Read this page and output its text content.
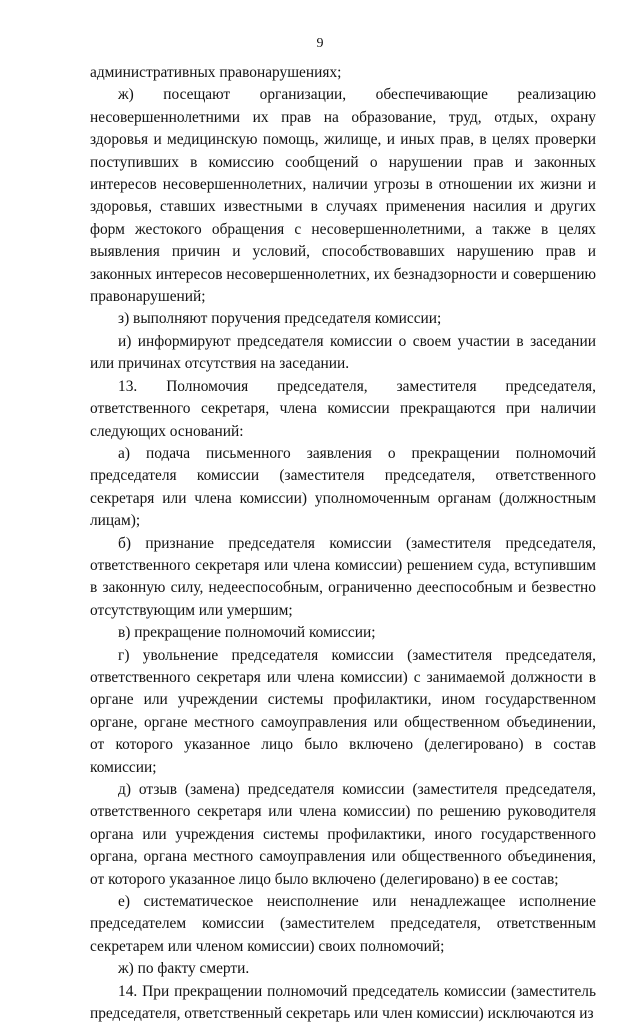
9

административных правонарушениях;

ж) посещают организации, обеспечивающие реализацию несовершеннолетними их прав на образование, труд, отдых, охрану здоровья и медицинскую помощь, жилище, и иных прав, в целях проверки поступивших в комиссию сообщений о нарушении прав и законных интересов несовершеннолетних, наличии угрозы в отношении их жизни и здоровья, ставших известными в случаях применения насилия и других форм жестокого обращения с несовершеннолетними, а также в целях выявления причин и условий, способствовавших нарушению прав и законных интересов несовершеннолетних, их безнадзорности и совершению правонарушений;

з) выполняют поручения председателя комиссии;

и) информируют председателя комиссии о своем участии в заседании или причинах отсутствия на заседании.

13. Полномочия председателя, заместителя председателя, ответственного секретаря, члена комиссии прекращаются при наличии следующих оснований:

а) подача письменного заявления о прекращении полномочий председателя комиссии (заместителя председателя, ответственного секретаря или члена комиссии) уполномоченным органам (должностным лицам);

б) признание председателя комиссии (заместителя председателя, ответственного секретаря или члена комиссии) решением суда, вступившим в законную силу, недееспособным, ограниченно дееспособным и безвестно отсутствующим или умершим;

в) прекращение полномочий комиссии;

г) увольнение председателя комиссии (заместителя председателя, ответственного секретаря или члена комиссии) с занимаемой должности в органе или учреждении системы профилактики, ином государственном органе, органе местного самоуправления или общественном объединении, от которого указанное лицо было включено (делегировано) в состав комиссии;

д) отзыв (замена) председателя комиссии (заместителя председателя, ответственного секретаря или члена комиссии) по решению руководителя органа или учреждения системы профилактики, иного государственного органа, органа местного самоуправления или общественного объединения, от которого указанное лицо было включено (делегировано) в ее состав;

е) систематическое неисполнение или ненадлежащее исполнение председателем комиссии (заместителем председателя, ответственным секретарем или членом комиссии) своих полномочий;

ж) по факту смерти.

14. При прекращении полномочий председатель комиссии (заместитель председателя, ответственный секретарь или член комиссии) исключаются из
